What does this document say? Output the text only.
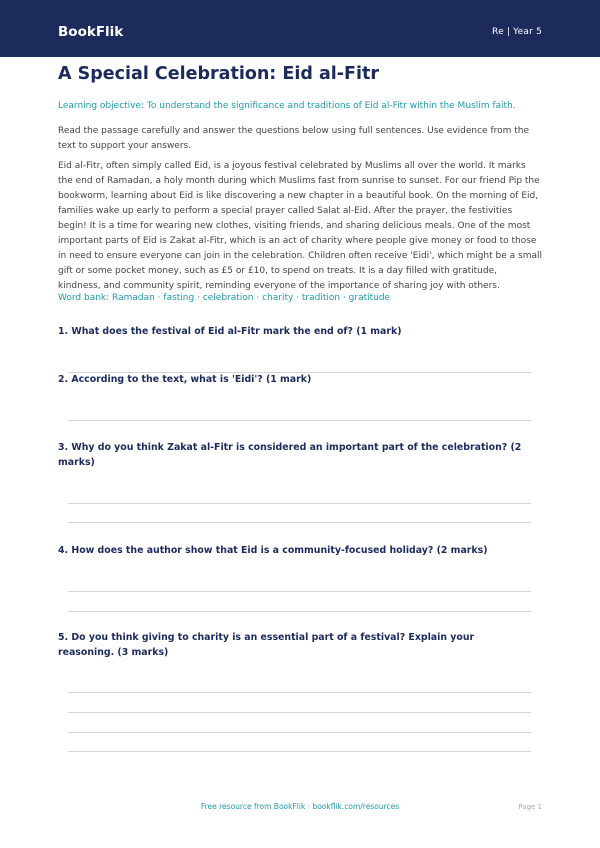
BookFlik	Re | Year 5
A Special Celebration: Eid al-Fitr
Learning objective: To understand the significance and traditions of Eid al-Fitr within the Muslim faith.
Read the passage carefully and answer the questions below using full sentences. Use evidence from the text to support your answers.
Eid al-Fitr, often simply called Eid, is a joyous festival celebrated by Muslims all over the world. It marks the end of Ramadan, a holy month during which Muslims fast from sunrise to sunset. For our friend Pip the bookworm, learning about Eid is like discovering a new chapter in a beautiful book. On the morning of Eid, families wake up early to perform a special prayer called Salat al-Eid. After the prayer, the festivities begin! It is a time for wearing new clothes, visiting friends, and sharing delicious meals. One of the most important parts of Eid is Zakat al-Fitr, which is an act of charity where people give money or food to those in need to ensure everyone can join in the celebration. Children often receive 'Eidi', which might be a small gift or some pocket money, such as £5 or £10, to spend on treats. It is a day filled with gratitude, kindness, and community spirit, reminding everyone of the importance of sharing joy with others.
Word bank: Ramadan · fasting · celebration · charity · tradition · gratitude
1. What does the festival of Eid al-Fitr mark the end of? (1 mark)
2. According to the text, what is 'Eidi'? (1 mark)
3. Why do you think Zakat al-Fitr is considered an important part of the celebration? (2 marks)
4. How does the author show that Eid is a community-focused holiday? (2 marks)
5. Do you think giving to charity is an essential part of a festival? Explain your reasoning. (3 marks)
Free resource from BookFlik · bookflik.com/resources	Page 1
